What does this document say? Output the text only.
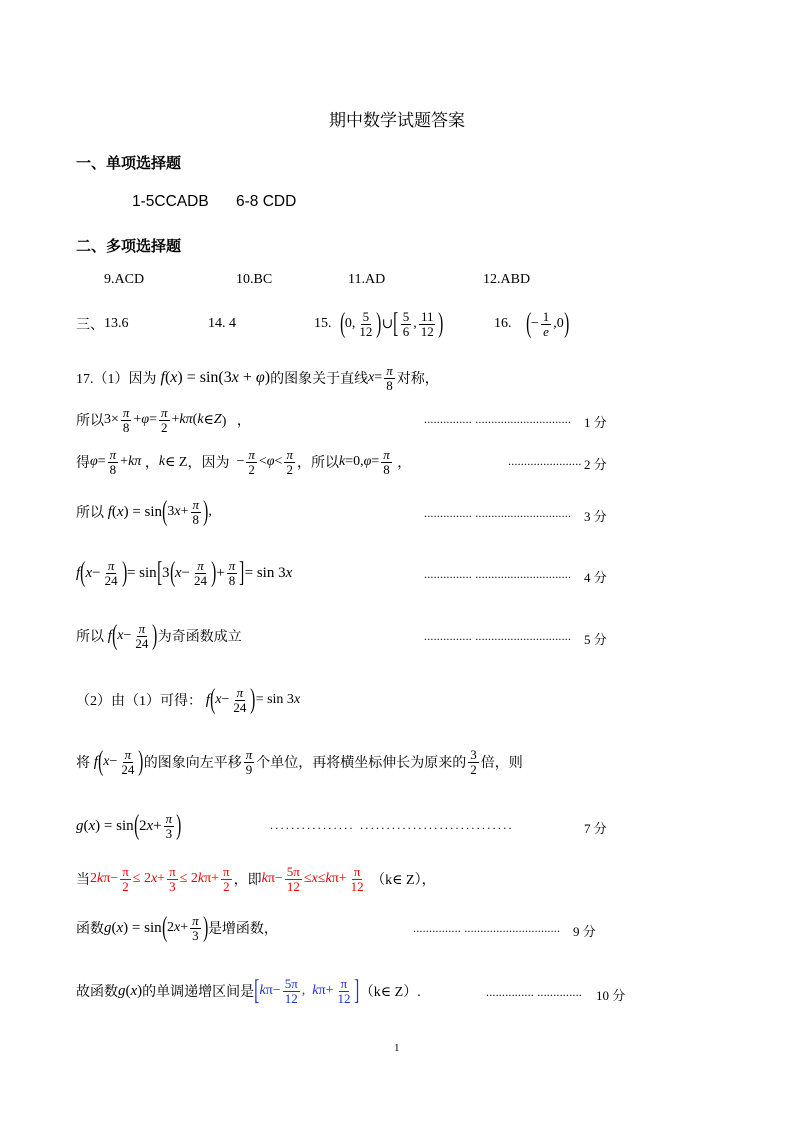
期中数学试题答案
一、单项选择题
1-5CCADB 6-8 CDD
二、多项选择题
9.ACD	10.BC	11.AD	12.ABD
三、 13.6	14. 4	15. ( 0, $\frac{5}{12}$ ) ∪ [ $\frac{5}{6}$ , $\frac{11}{12}$ )	16. ( − $\frac{1}{e} ,0$ )
17.（1）因为 f(x) = sin(3x + φ) 的图象关于直线 $x = \frac{\pi}{8}$ 对称，
所以 $3\times \frac{\pi}{8} + \varphi = \frac{\pi}{2} + k\pi$ ( k ∈ Z )   ，	............... .............................. 1 分
得 $\varphi = \frac{\pi}{8} + k\pi$ ， k ∈ Z ，因为 − $\frac{\pi}{2} < \varphi < \frac{\pi}{2}$ ，所以 k =0, $\varphi = \frac{\pi}{8}$ ，	....................... 2 分
所以 f(x) = sin ( 3 $x + \frac{\pi}{8}$ ) ,	............... .............................. 3 分
f ( $x - \frac{\pi}{24}$ ) = sin [ 3 ( $x - \frac{\pi}{24}$ ) + $\frac{\pi}{8}$ ] = sin 3 x	............... .............................. 4 分
所以 f ( $x - \frac{\pi}{24}$ ) 为奇函数成立	............... .............................. 5 分
（2）由（1）可得： f ( $x - \frac{\pi}{24}$ ) = sin 3 x
将 f ( $x - \frac{\pi}{24}$ ) 的图象向左平移 $\frac{\pi}{9}$ 个单位，再将横坐标伸长为原来的 $\frac{3}{2}$ 倍，则
g ( x ) = sin ( 2 $x + \frac{\pi}{3}$ )	................ .............................	7 分
当 2 k $\pi- \frac{\pi}{2} \le 2$ $x + \frac{\pi}{3} \le 2$ k $\pi+ \frac{\pi}{2}$ ，即 k $\pi- \frac{5\pi}{12} \le x \le k$ $\pi+ \frac{\pi}{12}$
（k∈ Z），
函数 g(x) = sin ( 2 $x + \frac{\pi}{3}$ ) 是增函数，	............... .............................. 9 分
故函数 g(x) 的单调递增区间是 [ k $\pi- \frac{5\pi}{12}$ , k $\pi+ \frac{\pi}{12}$ ] （k∈ Z）.	............... .............. 10 分
1
